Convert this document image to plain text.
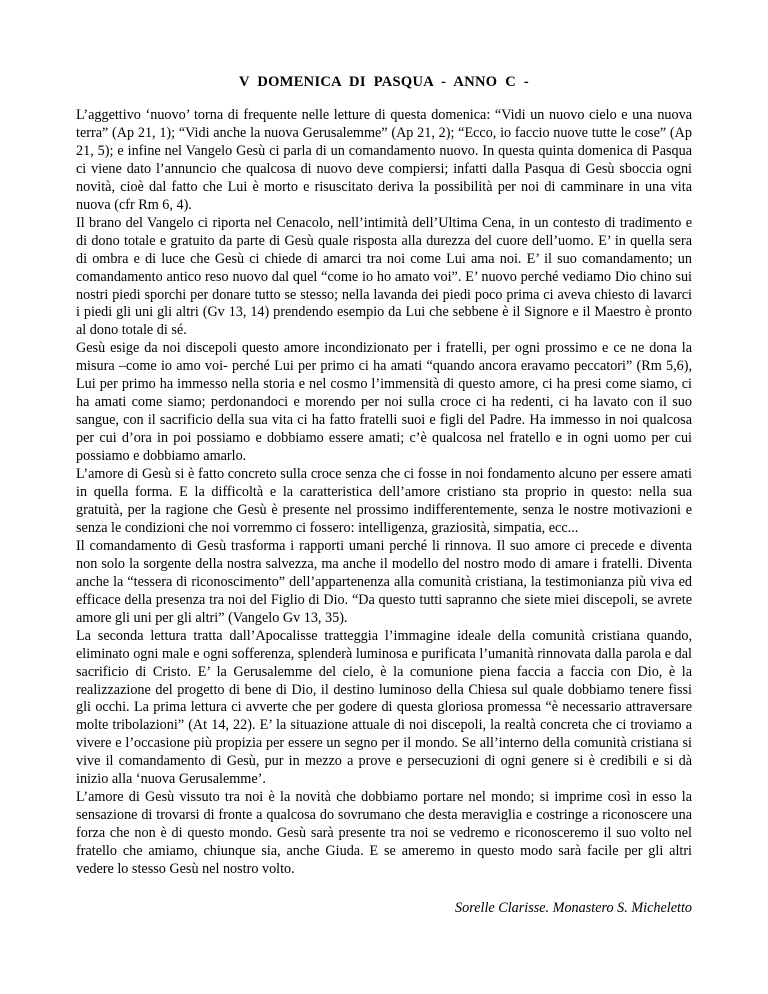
V DOMENICA DI PASQUA - ANNO C -

L’aggettivo ‘nuovo’ torna di frequente nelle letture di questa domenica: “Vidi un nuovo cielo e una nuova terra” (Ap 21, 1); “Vidi anche la nuova Gerusalemme” (Ap 21, 2); “Ecco, io faccio nuove tutte le cose” (Ap 21, 5); e infine nel Vangelo Gesù ci parla di un comandamento nuovo. In questa quinta domenica di Pasqua ci viene dato l’annuncio che qualcosa di nuovo deve compiersi; infatti dalla Pasqua di Gesù sboccia ogni novità, cioè dal fatto che Lui è morto e risuscitato deriva la possibilità per noi di camminare in una vita nuova (cfr Rm 6, 4).

Il brano del Vangelo ci riporta nel Cenacolo, nell’intimità dell’Ultima Cena, in un contesto di tradimento e di dono totale e gratuito da parte di Gesù quale risposta alla durezza del cuore dell’uomo. E’ in quella sera di ombra e di luce che Gesù ci chiede di amarci tra noi come Lui ama noi. E’ il suo comandamento; un comandamento antico reso nuovo dal quel “come io ho amato voi”. E’ nuovo perché vediamo Dio chino sui nostri piedi sporchi per donare tutto se stesso; nella lavanda dei piedi poco prima ci aveva chiesto di lavarci i piedi gli uni gli altri (Gv 13, 14) prendendo esempio da Lui che sebbene è il Signore e il Maestro è pronto al dono totale di sé.

Gesù esige da noi discepoli questo amore incondizionato per i fratelli, per ogni prossimo e ce ne dona la misura –come io amo voi- perché Lui per primo ci ha amati “quando ancora eravamo peccatori” (Rm 5,6), Lui per primo ha immesso nella storia e nel cosmo l’immensità di questo amore, ci ha presi come siamo, ci ha amati come siamo; perdonandoci e morendo per noi sulla croce ci ha redenti, ci ha lavato con il suo sangue, con il sacrificio della sua vita ci ha fatto fratelli suoi e figli del Padre. Ha immesso in noi qualcosa per cui d’ora in poi possiamo e dobbiamo essere amati; c’è qualcosa nel fratello e in ogni uomo per cui possiamo e dobbiamo amarlo.

L’amore di Gesù si è fatto concreto sulla croce senza che ci fosse in noi fondamento alcuno per essere amati in quella forma. E la difficoltà e la caratteristica dell’amore cristiano sta proprio in questo: nella sua gratuità, per la ragione che Gesù è presente nel prossimo indifferentemente, senza le nostre motivazioni e senza le condizioni che noi vorremmo ci fossero: intelligenza, graziosità, simpatia, ecc...

Il comandamento di Gesù trasforma i rapporti umani perché li rinnova. Il suo amore ci precede e diventa non solo la sorgente della nostra salvezza, ma anche il modello del nostro modo di amare i fratelli. Diventa anche la “tessera di riconoscimento” dell’appartenenza alla comunità cristiana, la testimonianza più viva ed efficace della presenza tra noi del Figlio di Dio. “Da questo tutti sapranno che siete miei discepoli, se avrete amore gli uni per gli altri” (Vangelo Gv 13, 35).

La seconda lettura tratta dall’Apocalisse tratteggia l’immagine ideale della comunità cristiana quando, eliminato ogni male e ogni sofferenza, splenderà luminosa e purificata l’umanità rinnovata dalla parola e dal sacrificio di Cristo. E’ la Gerusalemme del cielo, è la comunione piena faccia a faccia con Dio, è la realizzazione del progetto di bene di Dio, il destino luminoso della Chiesa sul quale dobbiamo tenere fissi gli occhi. La prima lettura ci avverte che per godere di questa gloriosa promessa “è necessario attraversare molte tribolazioni” (At 14, 22). E’ la situazione attuale di noi discepoli, la realtà concreta che ci troviamo a vivere e l’occasione più propizia per essere un segno per il mondo. Se all’interno della comunità cristiana si vive il comandamento di Gesù, pur in mezzo a prove e persecuzioni di ogni genere si è credibili e si dà inizio alla ‘nuova Gerusalemme’.

L’amore di Gesù vissuto tra noi è la novità che dobbiamo portare nel mondo; si imprime così in esso la sensazione di trovarsi di fronte a qualcosa do sovrumano che desta meraviglia e costringe a riconoscere una forza che non è di questo mondo. Gesù sarà presente tra noi se vedremo e riconosceremo il suo volto nel fratello che amiamo, chiunque sia, anche Giuda. E se ameremo in questo modo sarà facile per gli altri vedere lo stesso Gesù nel nostro volto.

Sorelle Clarisse. Monastero S. Micheletto
